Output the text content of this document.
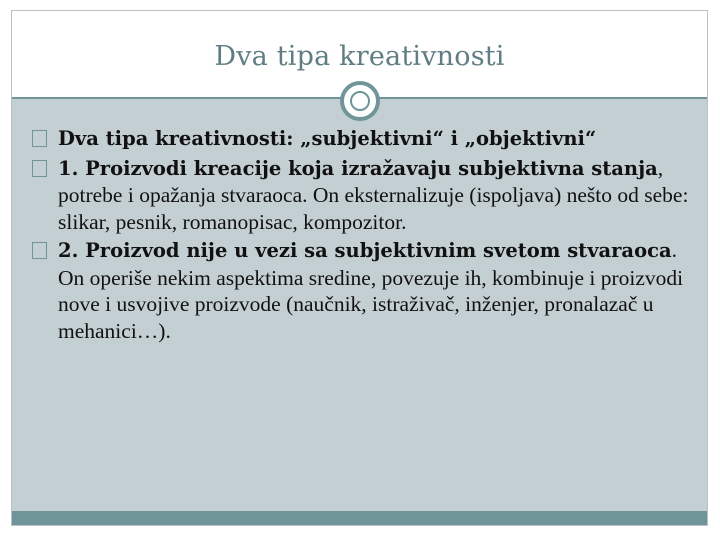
Dva tipa kreativnosti
Dva tipa kreativnosti: „subjektivni“ i „objektivni“
1. Proizvodi kreacije koja izražavaju subjektivna stanja, potrebe i opažanja stvaraoca. On eksternalizuje (ispoljava) nešto od sebe: slikar, pesnik, romanopisac, kompozitor.
2. Proizvod nije u vezi sa subjektivnim svetom stvaraoca. On operiše nekim aspektima sredine, povezuje ih, kombinuje i proizvodi nove i usvojive proizvode (naučnik, istraživač, inženjer, pronalazač u mehanici…).
